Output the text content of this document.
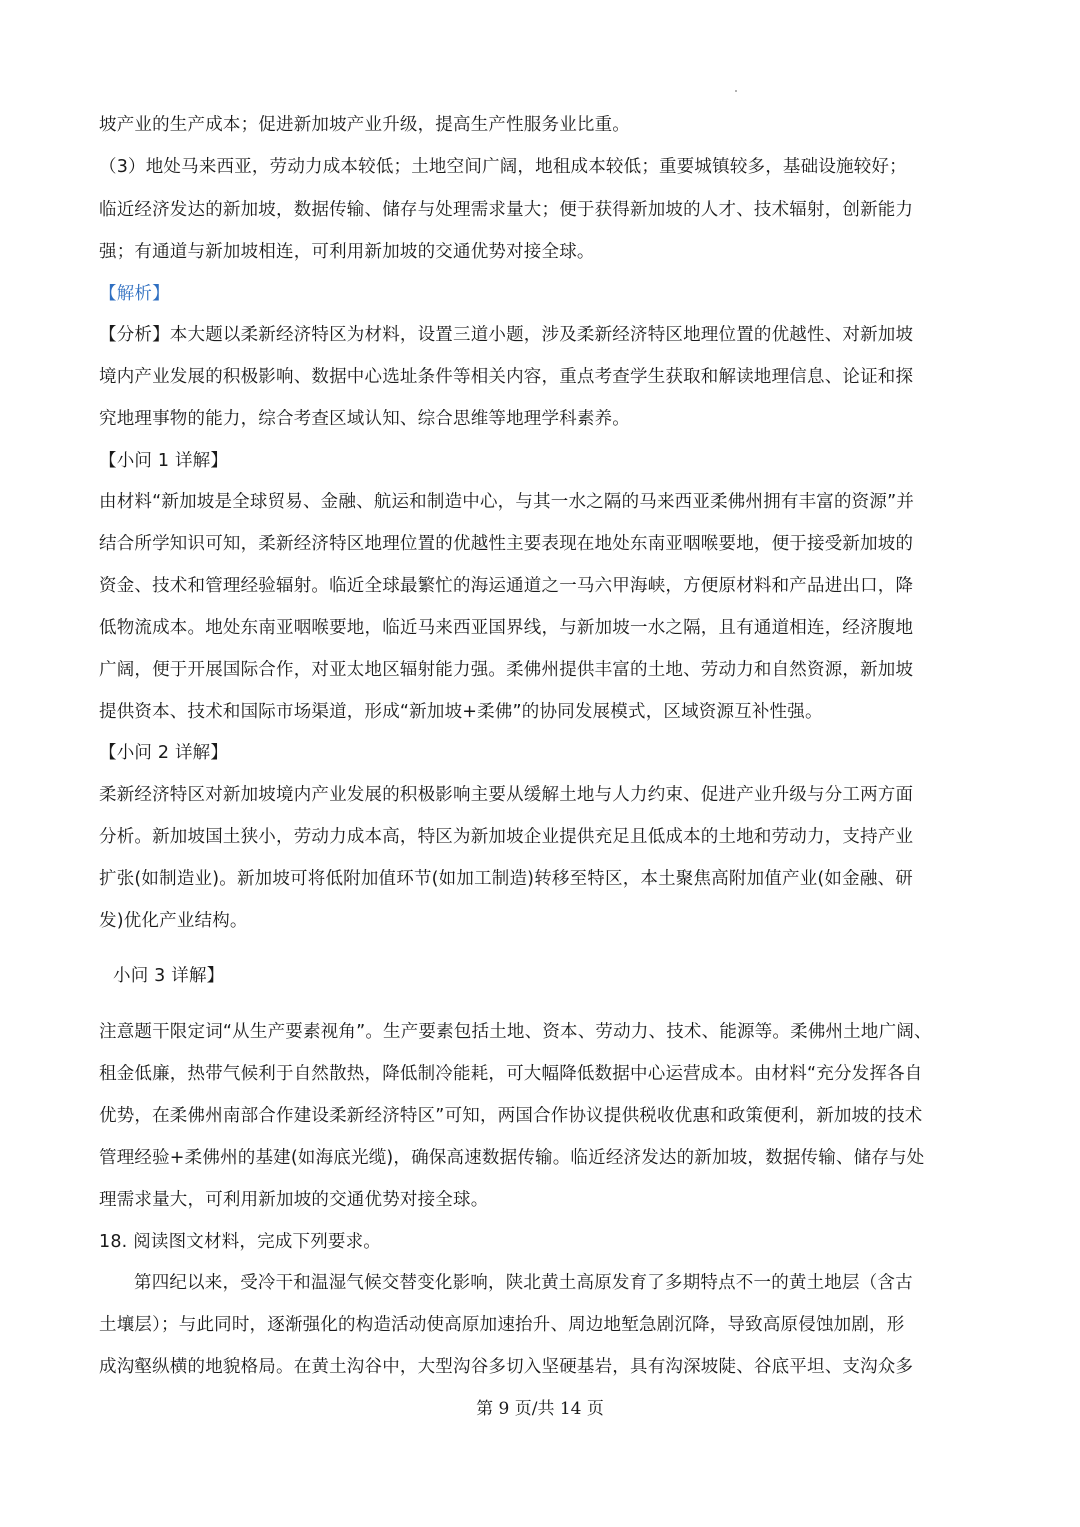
坡产业的生产成本；促进新加坡产业升级，提高生产性服务业比重。
（3）地处马来西亚，劳动力成本较低；土地空间广阔，地租成本较低；重要城镇较多，基础设施较好；
临近经济发达的新加坡，数据传输、储存与处理需求量大；便于获得新加坡的人才、技术辐射，创新能力
强；有通道与新加坡相连，可利用新加坡的交通优势对接全球。
【解析】
【分析】本大题以柔新经济特区为材料，设置三道小题，涉及柔新经济特区地理位置的优越性、对新加坡
境内产业发展的积极影响、数据中心选址条件等相关内容，重点考查学生获取和解读地理信息、论证和探
究地理事物的能力，综合考查区域认知、综合思维等地理学科素养。
【小问 1 详解】
由材料“新加坡是全球贸易、金融、航运和制造中心，与其一水之隔的马来西亚柔佛州拥有丰富的资源”并
结合所学知识可知，柔新经济特区地理位置的优越性主要表现在地处东南亚咽喉要地，便于接受新加坡的
资金、技术和管理经验辐射。临近全球最繁忙的海运通道之一马六甲海峡，方便原材料和产品进出口，降
低物流成本。地处东南亚咽喉要地，临近马来西亚国界线，与新加坡一水之隔，且有通道相连，经济腹地
广阔，便于开展国际合作，对亚太地区辐射能力强。柔佛州提供丰富的土地、劳动力和自然资源，新加坡
提供资本、技术和国际市场渠道，形成“新加坡+柔佛”的协同发展模式，区域资源互补性强。
【小问 2 详解】
柔新经济特区对新加坡境内产业发展的积极影响主要从缓解土地与人力约束、促进产业升级与分工两方面
分析。新加坡国土狭小，劳动力成本高，特区为新加坡企业提供充足且低成本的土地和劳动力，支持产业
扩张(如制造业)。新加坡可将低附加值环节(如加工制造)转移至特区，本土聚焦高附加值产业(如金融、研
发)优化产业结构。
小问 3 详解】
注意题干限定词“从生产要素视角”。生产要素包括土地、资本、劳动力、技术、能源等。柔佛州土地广阔、
租金低廉，热带气候利于自然散热，降低制冷能耗，可大幅降低数据中心运营成本。由材料“充分发挥各自
优势，在柔佛州南部合作建设柔新经济特区”可知，两国合作协议提供税收优惠和政策便利，新加坡的技术
管理经验+柔佛州的基建(如海底光缆)，确保高速数据传输。临近经济发达的新加坡，数据传输、储存与处
理需求量大，可利用新加坡的交通优势对接全球。
18. 阅读图文材料，完成下列要求。
第四纪以来，受冷干和温湿气候交替变化影响，陕北黄土高原发育了多期特点不一的黄土地层（含古
土壤层）；与此同时，逐渐强化的构造活动使高原加速抬升、周边地堑急剧沉降，导致高原侵蚀加剧，形
成沟壑纵横的地貌格局。在黄土沟谷中，大型沟谷多切入坚硬基岩，具有沟深坡陡、谷底平坦、支沟众多
第 9 页/共 14 页
